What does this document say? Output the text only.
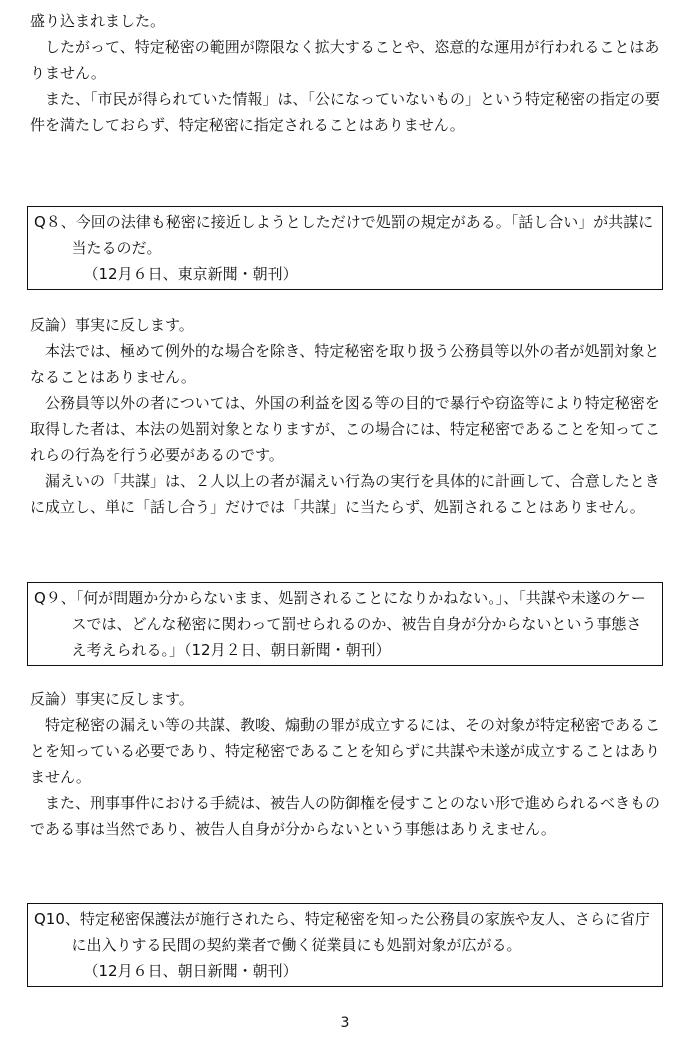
盛り込まれました。

したがって、特定秘密の範囲が際限なく拡大することや、恣意的な運用が行われることはありません。

また、「市民が得られていた情報」は、「公になっていないもの」という特定秘密の指定の要件を満たしておらず、特定秘密に指定されることはありません。

Q８、今回の法律も秘密に接近しようとしただけで処罰の規定がある。「話し合い」が共謀に当たるのだ。

（12月６日、東京新聞・朝刊）

反論）事実に反します。

本法では、極めて例外的な場合を除き、特定秘密を取り扱う公務員等以外の者が処罰対象となることはありません。

公務員等以外の者については、外国の利益を図る等の目的で暴行や窃盗等により特定秘密を取得した者は、本法の処罰対象となりますが、この場合には、特定秘密であることを知ってこれらの行為を行う必要があるのです。

漏えいの「共謀」は、２人以上の者が漏えい行為の実行を具体的に計画して、合意したときに成立し、単に「話し合う」だけでは「共謀」に当たらず、処罰されることはありません。

Q９、「何が問題か分からないまま、処罰されることになりかねない。」、「共謀や未遂のケースでは、どんな秘密に関わって罰せられるのか、被告自身が分からないという事態さえ考えられる。」（12月２日、朝日新聞・朝刊）

反論）事実に反します。

特定秘密の漏えい等の共謀、教唆、煽動の罪が成立するには、その対象が特定秘密であることを知っている必要であり、特定秘密であることを知らずに共謀や未遂が成立することはありません。

また、刑事事件における手続は、被告人の防御権を侵すことのない形で進められるべきものである事は当然であり、被告人自身が分からないという事態はありえません。

Q10、特定秘密保護法が施行されたら、特定秘密を知った公務員の家族や友人、さらに省庁に出入りする民間の契約業者で働く従業員にも処罰対象が広がる。

（12月６日、朝日新聞・朝刊）

3
